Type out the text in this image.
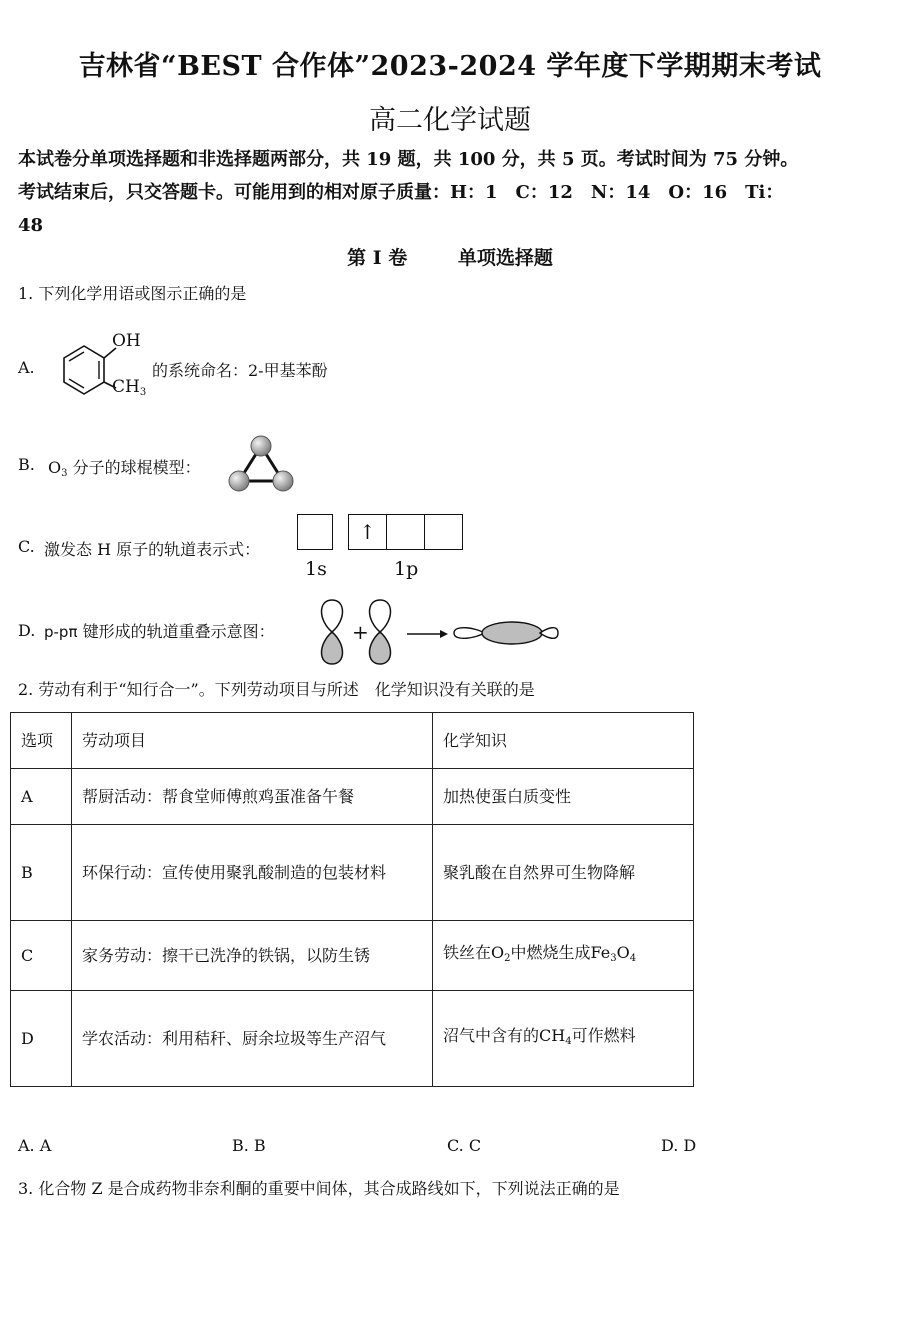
吉林省“BEST 合作体”2023-2024 学年度下学期期末考试
高二化学试题
本试卷分单项选择题和非选择题两部分，共 19 题，共 100 分，共 5 页。考试时间为 75 分钟。
考试结束后，只交答题卡。可能用到的相对原子质量：H：1　C：12　N：14　O：16　Ti：
48
第 I 卷	单项选择题
1. 下列化学用语或图示正确的是
A.
OH
$CH_3$
的系统命名：2-甲基苯酚
B. $O_3$ 分子的球棍模型：
C. 激发态 H 原子的轨道表示式：
↑
1s	1p
D. p-pπ 键形成的轨道重叠示意图：	+
2. 劳动有利于“知行合一”。下列劳动项目与所述　化学知识没有关联的是
选项	劳动项目	化学知识
A	帮厨活动：帮食堂师傅煎鸡蛋准备午餐	加热使蛋白质变性
B	环保行动：宣传使用聚乳酸制造的包装材料	聚乳酸在自然界可生物降解
C	家务劳动：擦干已洗净的铁锅，以防生锈	铁丝在$O_2$中燃烧生成$Fe_3O_4$
D	学农活动：利用秸秆、厨余垃圾等生产沼气	沼气中含有的$CH_4$可作燃料
A. A	B. B	C. C	D. D
3. 化合物 Z 是合成药物非奈利酮的重要中间体，其合成路线如下，下列说法正确的是
